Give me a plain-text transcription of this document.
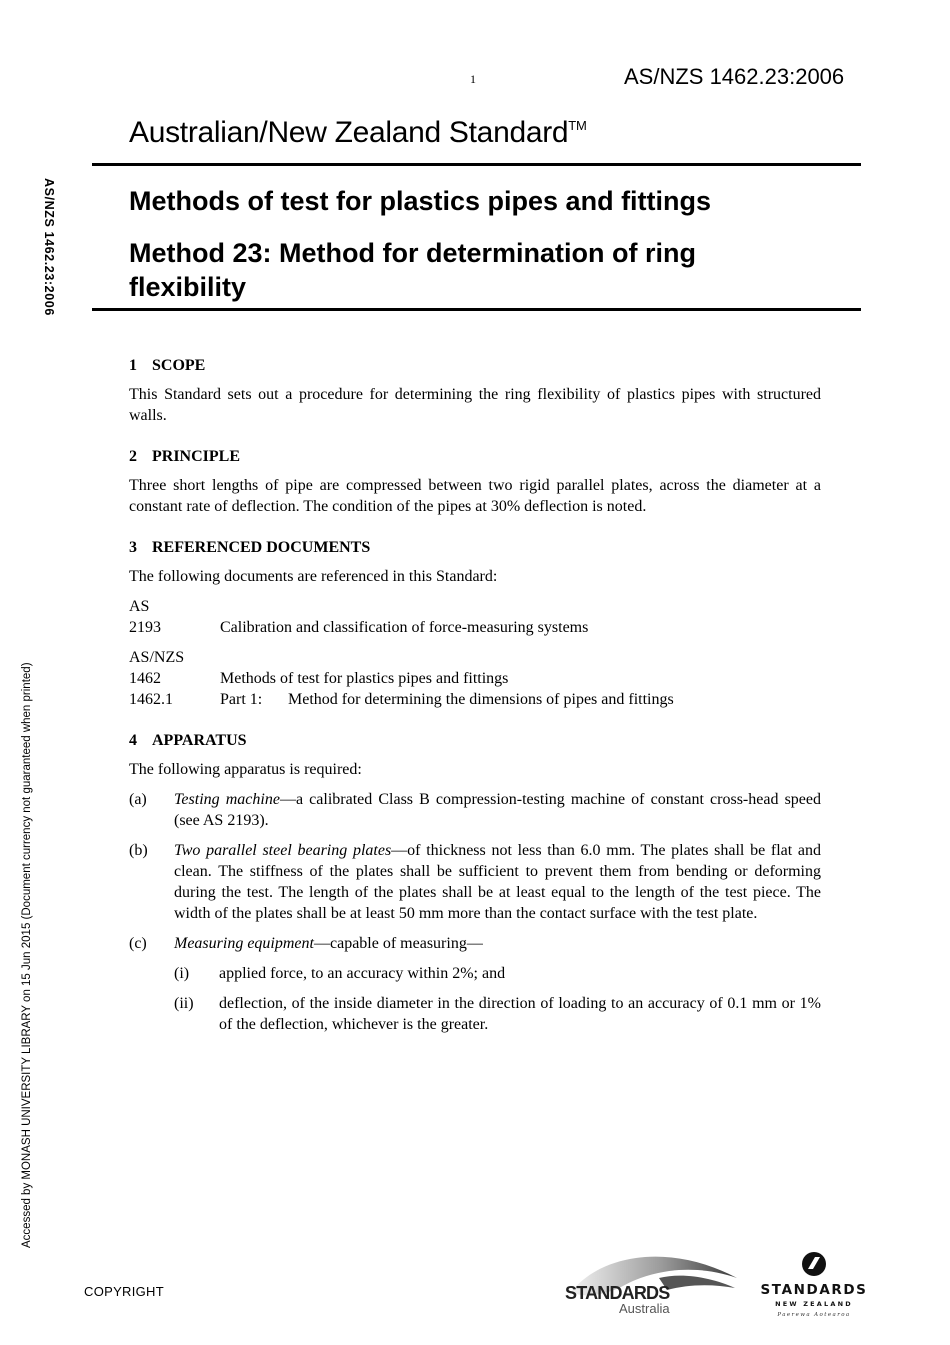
1	AS/NZS 1462.23:2006
Australian/New Zealand Standard™
Methods of test for plastics pipes and fittings
Method 23: Method for determination of ring flexibility
AS/NZS 1462.23:2006
Accessed by MONASH UNIVERSITY LIBRARY on 15 Jun 2015 (Document currency not guaranteed when printed)
1 SCOPE
This Standard sets out a procedure for determining the ring flexibility of plastics pipes with structured walls.
2 PRINCIPLE
Three short lengths of pipe are compressed between two rigid parallel plates, across the diameter at a constant rate of deflection. The condition of the pipes at 30% deflection is noted.
3 REFERENCED DOCUMENTS
The following documents are referenced in this Standard:
AS
2193	Calibration and classification of force-measuring systems
AS/NZS
1462	Methods of test for plastics pipes and fittings
1462.1	Part 1:	Method for determining the dimensions of pipes and fittings
4 APPARATUS
The following apparatus is required:
(a)	Testing machine—a calibrated Class B compression-testing machine of constant cross-head speed (see AS 2193).
(b)	Two parallel steel bearing plates—of thickness not less than 6.0 mm. The plates shall be flat and clean. The stiffness of the plates shall be sufficient to prevent them from bending or deforming during the test. The length of the plates shall be at least equal to the length of the test piece. The width of the plates shall be at least 50 mm more than the contact surface with the test plate.
(c)	Measuring equipment—capable of measuring—
(i)	applied force, to an accuracy within 2%; and
(ii)	deflection, of the inside diameter in the direction of loading to an accuracy of 0.1 mm or 1% of the deflection, whichever is the greater.
COPYRIGHT	STANDARDS
Australia
STANDARDS
NEW ZEALAND
Paerewa Aotearoa
